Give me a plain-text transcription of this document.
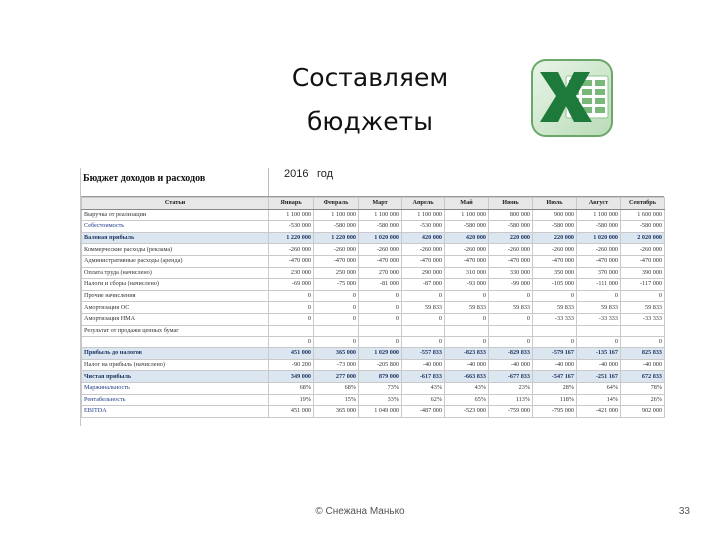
Составляем
бюджеты
Бюджет доходов и расходов	2016 год
Статьи	Январь	Февраль	Март	Апрель	Май	Июнь	Июль	Август	Сентябрь
Выручка от реализации	1 100 000	1 100 000	1 100 000	1 100 000	1 100 000	800 000	900 000	1 100 000	1 600 000
Себестоимость	-530 000	-580 000	-580 000	-530 000	-580 000	-580 000	-580 000	-580 000	-580 000
Валовая прибыль	1 220 000	1 220 000	1 020 000	420 000	420 000	220 000	220 000	1 020 000	2 020 000
Коммерческие расходы (реклама)	-260 000	-260 000	-260 000	-260 000	-260 000	-260 000	-260 000	-260 000	-260 000
Административные расходы (аренда)	-470 000	-470 000	-470 000	-470 000	-470 000	-470 000	-470 000	-470 000	-470 000
Оплата труда (начислено)	230 000	250 000	270 000	290 000	310 000	330 000	350 000	370 000	390 000
Налоги и сборы (начислено)	-69 000	-75 000	-81 000	-87 000	-93 000	-99 000	-105 000	-111 000	-117 000
Прочие начисления	0	0	0	0	0	0	0	0	0
Амортизация ОС	0	0	0	59 833	59 833	59 833	59 833	59 833	59 833
Амортизация НМА	0	0	0	0	0	0	-33 333	-33 333	-33 333
Результат от продажи ценных бумаг									
	0	0	0	0	0	0	0	0	0
Прибыль до налогов	451 000	365 000	1 029 000	-557 833	-823 833	-829 833	-579 167	-135 167	825 833
Налог на прибыль (начислено)	-90 200	-73 000	-205 800	-40 000	-40 000	-40 000	-40 000	-40 000	-40 000
Чистая прибыль	349 000	277 000	879 000	-617 833	-663 833	-677 833	-547 167	-251 167	672 833
Маржинальность	68%	68%	73%	43%	43%	23%	28%	64%	78%
Рентабельность	19%	15%	33%	62%	65%	113%	118%	14%	26%
EBITDA	451 000	365 000	1 049 000	-487 000	-523 000	-759 000	-795 000	-421 000	902 000
© Снежана Манько	33
